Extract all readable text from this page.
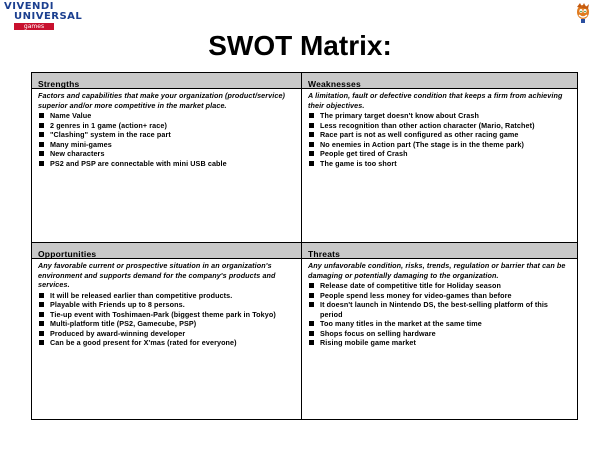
VIVENDI
UNIVERSAL
games
SWOT Matrix:
Strengths

Factors and capabilities that make your organization (product/service) superior and/or more competitive in the market place.

Name Value
2 genres in 1 game (action+ race)
"Clashing" system in the race part
Many mini-games
New characters
PS2 and PSP are connectable with mini USB cable
Weaknesses

A limitation, fault or defective condition that keeps a firm from achieving their objectives.

The primary target doesn't know about Crash
Less recognition than other action character (Mario, Ratchet)
Race part is not as well configured as other racing game
No enemies in Action part (The stage is in the theme park)
People get tired of Crash
The game is too short
Opportunities

Any favorable current or prospective situation in an organization's environment and supports demand for the company's products and services.

It will be released earlier than competitive products.
Playable with Friends up to 8 persons.
Tie-up event with Toshimaen-Park (biggest theme park in Tokyo)
Multi-platform title (PS2, Gamecube, PSP)
Produced by award-winning developer
Can be a good present for X'mas (rated for everyone)
Threats

Any unfavorable condition, risks, trends, regulation or barrier that can be damaging or potentially damaging to the organization.

Release date of competitive title for Holiday season
People spend less money for video-games than before
It doesn't launch in Nintendo DS, the best-selling platform of this period
Too many titles in the market at the same time
Shops focus on selling hardware
Rising mobile game market
